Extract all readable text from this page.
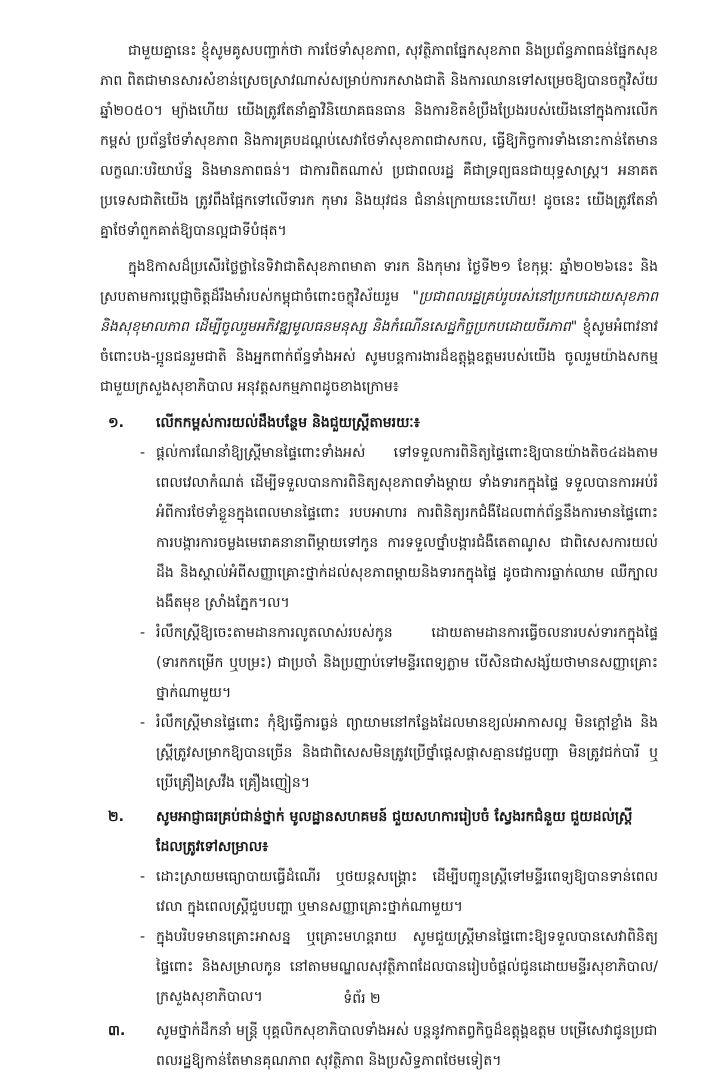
ជាមួយគ្នានេះ ខ្ញុំសូមគូសបញ្ជាក់ថា ការថែទាំសុខភាព, សុវត្ថិភាពផ្នែកសុខភាព និងប្រព័ន្ធភាពធន់ផ្នែកសុខភាព ពិតជាមានសារសំខាន់ស្រេចស្រាវណាស់សម្រាប់ការកសាងជាតិ និងការឈានទៅសម្រេចឱ្យបានចក្ខុវិស័យឆ្នាំ២០៥០។ ម្យ៉ាងហើយ យើងត្រូវតែនាំគ្នាវិនិយោគធនធាន និងការខិតខំប្រឹងប្រែងរបស់យើងនៅក្នុងការលើកកម្ពស់ ប្រព័ន្ធថែទាំសុខភាព និងការគ្របដណ្តប់សេវាថែទាំសុខភាពជាសកល, ធ្វើឱ្យកិច្ចការទាំងនោះកាន់តែមានលក្ខណៈបរិយាប័ន្ន និងមានភាពធន់។ ជាការពិតណាស់ ប្រជាពលរដ្ឋ គឺជាទ្រព្យធនជាយុទ្ធសាស្ត្រ។ អនាគតប្រទេសជាតិយើង ត្រូវពឹងផ្អែកទៅលើទារក កុមារ និងយុវជន ជំនាន់ក្រោយនេះហើយ! ដូចនេះ យើងត្រូវតែនាំគ្នាថែទាំពួកគាត់ឱ្យបានល្អជាទីបំផុត។

ក្នុងឱកាសដ៏ប្រសើរថ្លៃថ្លានៃទិវាជាតិសុខភាពមាតា ទារក និងកុមារ ថ្ងៃទី២១ ខែកុម្ភៈ ឆ្នាំ២០២៦នេះ និងស្របតាមការប្តេជ្ញាចិត្តដ៏រឹងមាំរបស់កម្ពុជាចំពោះចក្ខុវិស័យរួម "ប្រជាពលរដ្ឋគ្រប់រូបរស់នៅប្រកបដោយសុខភាព និងសុខុមាលភាព ដើម្បីចូលរួមអភិវឌ្ឍមូលធនមនុស្ស និងកំណើនសេដ្ឋកិច្ចប្រកបដោយចីរភាព" ខ្ញុំសូមអំពាវនាវចំពោះបង-ប្អូនជនរួមជាតិ និងអ្នកពាក់ព័ន្ធទាំងអស់ សូមបន្តការងារដ៏ឧត្តុង្គឧត្តមរបស់យើង ចូលរួមយ៉ាងសកម្មជាមួយក្រសួងសុខាភិបាល អនុវត្តសកម្មភាពដូចខាងក្រោម៖

១.	លើកកម្ពស់ការយល់ដឹងបន្ថែម និងជួយស្ត្រីតាមរយៈ៖
- ផ្តល់ការណែនាំឱ្យស្ត្រីមានផ្ទៃពោះទាំងអស់ ទៅទទួលការពិនិត្យផ្ទៃពោះឱ្យបានយ៉ាងតិច៤ដងតាមពេលវេលាកំណត់ ដើម្បីទទួលបានការពិនិត្យសុខភាពទាំងម្តាយ ទាំងទារកក្នុងផ្ទៃ ទទួលបានការអប់រំអំពីការថែទាំខ្លួនក្នុងពេលមានផ្ទៃពោះ របបអាហារ ការពិនិត្យរកជំងឺដែលពាក់ព័ន្ធនឹងការមានផ្ទៃពោះ ការបង្ការការចម្លងមេរោគនានាពីម្តាយទៅកូន ការទទួលថ្នាំបង្ការជំងឺតេតាណូស ជាពិសេសការយល់ដឹង និងស្គាល់អំពីសញ្ញាគ្រោះថ្នាក់ដល់សុខភាពម្តាយនិងទារកក្នុងផ្ទៃ ដូចជាការធ្លាក់ឈាម ឈឺក្បាល ងងឹតមុខ ស្រាំងភ្នែក។ល។
- រំលឹកស្ត្រីឱ្យចេះតាមដានការលូតលាស់របស់កូន ដោយតាមដានការធ្វើចលនារបស់ទារកក្នុងផ្ទៃ (ទារកកម្រើក ឬបម្រះ) ជាប្រចាំ និងប្រញាប់ទៅមន្ទីរពេទ្យភ្លាម បើសិនជាសង្ស័យថាមានសញ្ញាគ្រោះថ្នាក់ណាមួយ។
- រំលឹកស្ត្រីមានផ្ទៃពោះ កុំឱ្យធ្វើការធ្ងន់ ព្យាយាមនៅកន្លែងដែលមានខ្យល់អាកាសល្អ មិនក្តៅខ្លាំង និងស្ត្រីត្រូវសម្រាកឱ្យបានច្រើន និងជាពិសេសមិនត្រូវប្រើថ្នាំផ្តេសផ្តាសគ្មានវេជ្ជបញ្ជា មិនត្រូវជក់បារី ឬប្រើគ្រឿងស្រវឹង គ្រឿងញៀន។
២.	សូមអាជ្ញាធរគ្រប់ជាន់ថ្នាក់ មូលដ្ឋានសហគមន៍ ជួយសហការរៀបចំ ស្វែងរកជំនួយ ជួយដល់ស្ត្រីដែលត្រូវទៅសម្រាល៖
- ដោះស្រាយមធ្យោបាយធ្វើដំណើរ ឬថយន្តសង្គ្រោះ ដើម្បីបញ្ជូនស្ត្រីទៅមន្ទីរពេទ្យឱ្យបានទាន់ពេលវេលា ក្នុងពេលស្ត្រីជួបបញ្ហា ឬមានសញ្ញាគ្រោះថ្នាក់ណាមួយ។
- ក្នុងបរិបទមានគ្រោះអាសន្ន ឬគ្រោះមហន្តរាយ សូមជួយស្ត្រីមានផ្ទៃពោះឱ្យទទួលបានសេវាពិនិត្យផ្ទៃពោះ និងសម្រាលកូន នៅតាមមណ្ឌលសុវត្ថិភាពដែលបានរៀបចំផ្តល់ជូនដោយមន្ទីរសុខាភិបាល/ក្រសួងសុខាភិបាល។
៣.	សូមថ្នាក់ដឹកនាំ មន្ត្រី បុគ្គលិកសុខាភិបាលទាំងអស់ បន្តនូវកាតព្វកិច្ចដ៏ឧត្តុង្គឧត្តម បម្រើសេវាជូនប្រជាពលរដ្ឋឱ្យកាន់តែមានគុណភាព សុវត្ថិភាព និងប្រសិទ្ធភាពថែមទៀត។
ទំព័រ ២
